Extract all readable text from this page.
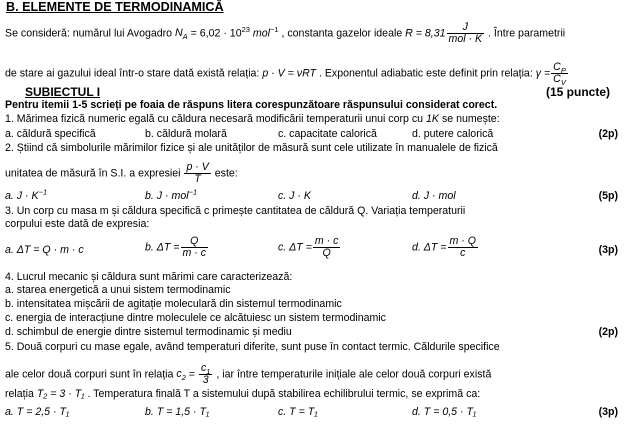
B. ELEMENTE DE TERMODINAMICĂ
Se consideră: numărul lui Avogadro $N_A = 6,02 \cdot 10^{23}$ mol$^{-1}$ , constanta gazelor ideale R = 8,31
J
mol · K . Între parametrii
de stare ai gazului ideal într-o stare dată există relația: p · V = νRT . Exponentul adiabatic este definit prin relația: $\gamma = \frac{C_P}{C_V}$
SUBIECTUL I	(15 puncte)
Pentru itemii 1-5 scrieți pe foaia de răspuns litera corespunzătoare răspunsului considerat corect.
1. Mărimea fizică numeric egală cu căldura necesară modificării temperaturii unui corp cu 1K se numește:
a. căldură specifică	b. căldură molară	c. capacitate calorică	d. putere calorică	(2p)
2. Știind că simbolurile mărimilor fizice și ale unităților de măsură sunt cele utilizate în manualele de fizică
unitatea de măsură în S.I. a expresiei $\frac{p \cdot V}{T}$ este:
a. $J \cdot K^{-1}$	b. J · mol$^{-1}$	c. J · K	d. J · mol	(5p)
3. Un corp cu masa m și căldura specifică c primește cantitatea de căldură Q. Variația temperaturii
corpului este dată de expresia:
a. ΔT = Q · m · c	b. $\Delta T = \frac{Q}{m \cdot c}$	c. $\Delta T = \frac{m \cdot c}{Q}$	d. $\Delta T = \frac{m \cdot Q}{c}$	(3p)
4. Lucrul mecanic și căldura sunt mărimi care caracterizează:
a. starea energetică a unui sistem termodinamic
b. intensitatea mișcării de agitație moleculară din sistemul termodinamic
c. energia de interacțiune dintre moleculele ce alcătuiesc un sistem termodinamic
d. schimbul de energie dintre sistemul termodinamic și mediu	(2p)
5. Două corpuri cu mase egale, având temperaturi diferite, sunt puse în contact termic. Căldurile specifice
ale celor două corpuri sunt în relația $c_2 = \frac{c_1}{3}$ , iar între temperaturile inițiale ale celor două corpuri există
relația T₂ = 3 · T₁ . Temperatura finală T a sistemului după stabilirea echilibrului termic, se exprimă ca:
a. T = 2,5 · T₁	b. T = 1,5 · T₁	c. T = T₁	d. T = 0,5 · T₁	(3p)
